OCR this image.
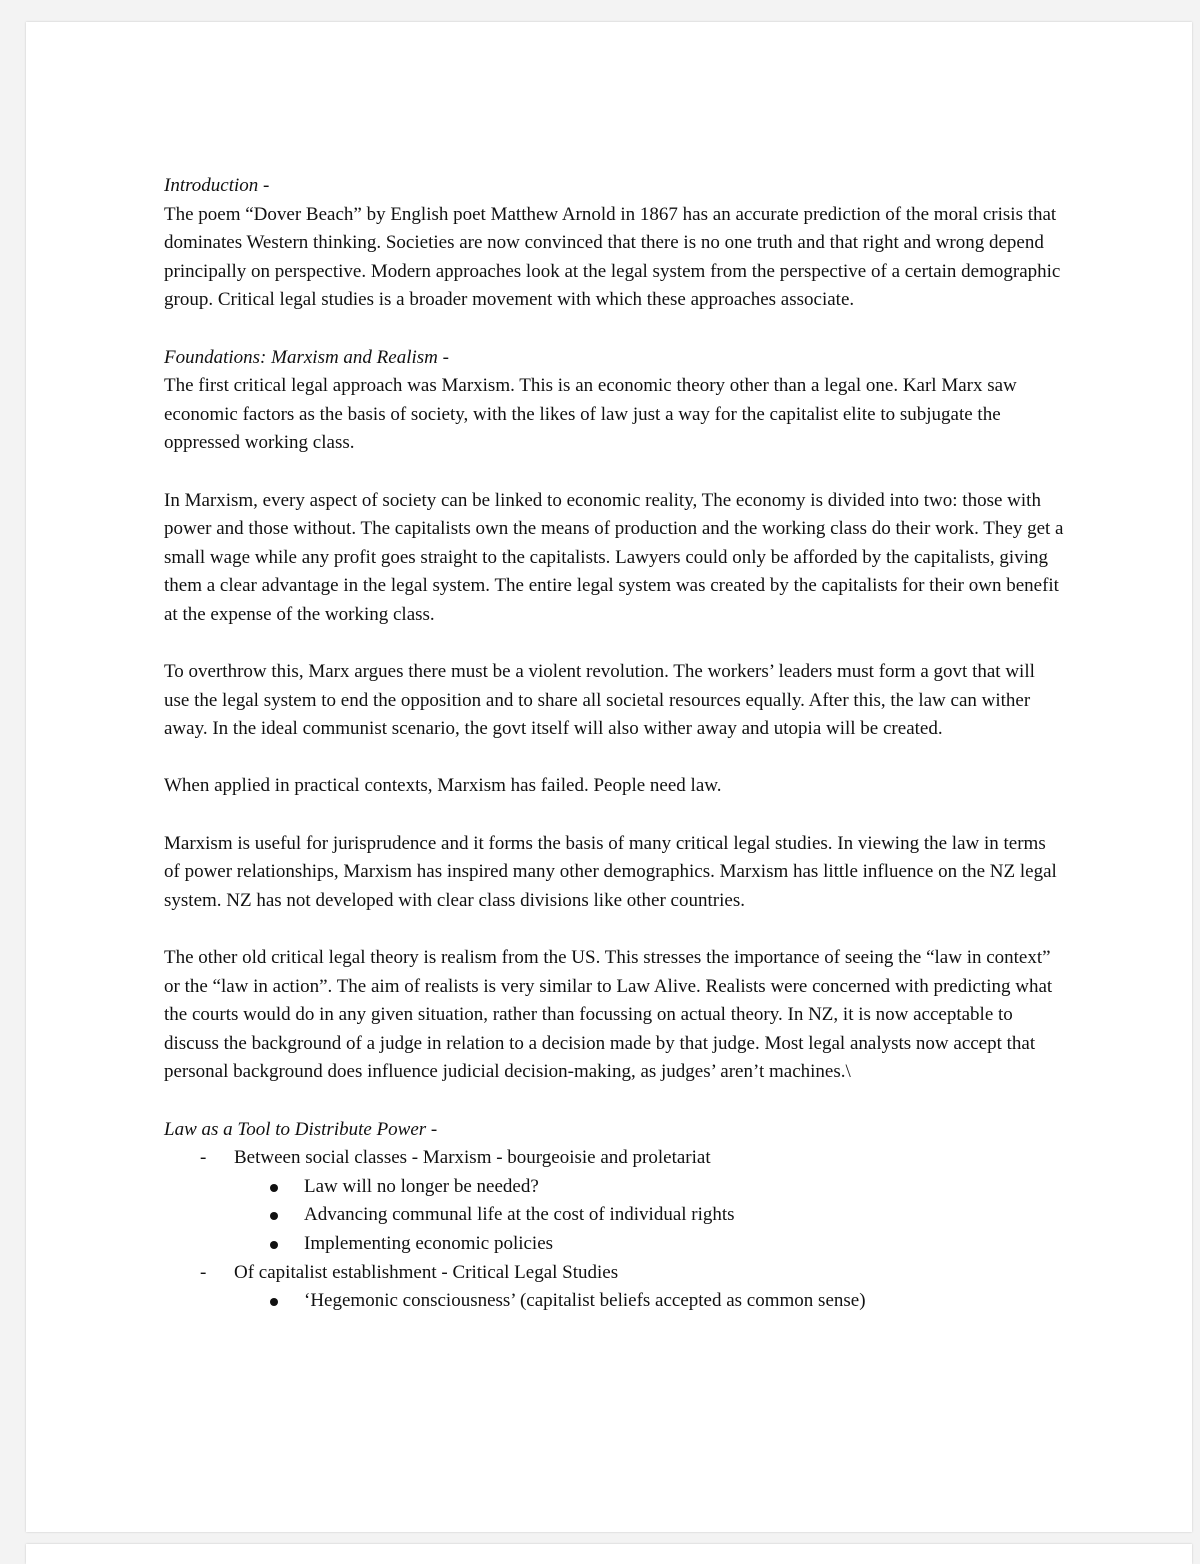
Introduction -

The poem “Dover Beach” by English poet Matthew Arnold in 1867 has an accurate prediction of the moral crisis that dominates Western thinking. Societies are now convinced that there is no one truth and that right and wrong depend principally on perspective. Modern approaches look at the legal system from the perspective of a certain demographic group. Critical legal studies is a broader movement with which these approaches associate.

Foundations: Marxism and Realism -

The first critical legal approach was Marxism. This is an economic theory other than a legal one. Karl Marx saw economic factors as the basis of society, with the likes of law just a way for the capitalist elite to subjugate the oppressed working class.

In Marxism, every aspect of society can be linked to economic reality, The economy is divided into two: those with power and those without. The capitalists own the means of production and the working class do their work. They get a small wage while any profit goes straight to the capitalists. Lawyers could only be afforded by the capitalists, giving them a clear advantage in the legal system. The entire legal system was created by the capitalists for their own benefit at the expense of the working class.

To overthrow this, Marx argues there must be a violent revolution. The workers’ leaders must form a govt that will use the legal system to end the opposition and to share all societal resources equally. After this, the law can wither away. In the ideal communist scenario, the govt itself will also wither away and utopia will be created.

When applied in practical contexts, Marxism has failed. People need law.

Marxism is useful for jurisprudence and it forms the basis of many critical legal studies. In viewing the law in terms of power relationships, Marxism has inspired many other demographics. Marxism has little influence on the NZ legal system. NZ has not developed with clear class divisions like other countries.

The other old critical legal theory is realism from the US. This stresses the importance of seeing the “law in context” or the “law in action”. The aim of realists is very similar to Law Alive. Realists were concerned with predicting what the courts would do in any given situation, rather than focussing on actual theory. In NZ, it is now acceptable to discuss the background of a judge in relation to a decision made by that judge. Most legal analysts now accept that personal background does influence judicial decision-making, as judges’ aren’t machines.\

Law as a Tool to Distribute Power -

- Between social classes - Marxism - bourgeoisie and proletariat
Law will no longer be needed?
Advancing communal life at the cost of individual rights
Implementing economic policies
- Of capitalist establishment - Critical Legal Studies
‘Hegemonic consciousness’ (capitalist beliefs accepted as common sense)
